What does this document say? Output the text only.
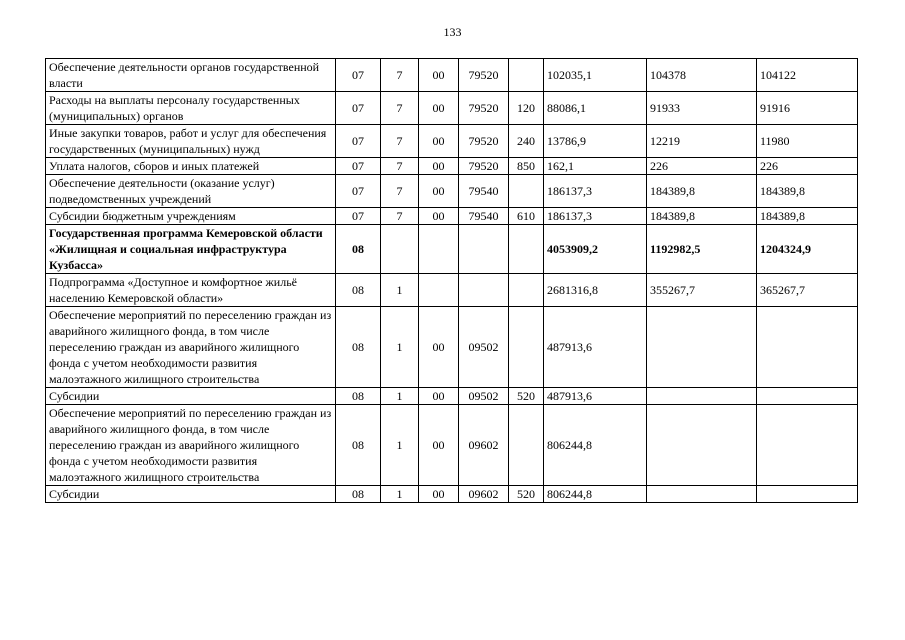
133
Обеспечение деятельности органов государственной власти	07	7	00	79520		102035,1	104378	104122
Расходы на выплаты персоналу государственных (муниципальных) органов	07	7	00	79520	120	88086,1	91933	91916
Иные закупки товаров, работ и услуг для обеспечения государственных (муниципальных) нужд	07	7	00	79520	240	13786,9	12219	11980
Уплата налогов, сборов и иных платежей	07	7	00	79520	850	162,1	226	226
Обеспечение деятельности (оказание услуг) подведомственных учреждений	07	7	00	79540		186137,3	184389,8	184389,8
Субсидии бюджетным учреждениям	07	7	00	79540	610	186137,3	184389,8	184389,8
Государственная программа Кемеровской области «Жилищная и социальная инфраструктура Кузбасса»	08					4053909,2	1192982,5	1204324,9
Подпрограмма «Доступное и комфортное жильё населению Кемеровской области»	08	1				2681316,8	355267,7	365267,7
Обеспечение мероприятий по переселению граждан из аварийного жилищного фонда, в том числе переселению граждан из аварийного жилищного фонда с учетом необходимости развития малоэтажного жилищного строительства	08	1	00	09502		487913,6		
Субсидии	08	1	00	09502	520	487913,6		
Обеспечение мероприятий по переселению граждан из аварийного жилищного фонда, в том числе переселению граждан из аварийного жилищного фонда с учетом необходимости развития малоэтажного жилищного строительства	08	1	00	09602		806244,8		
Субсидии	08	1	00	09602	520	806244,8		
